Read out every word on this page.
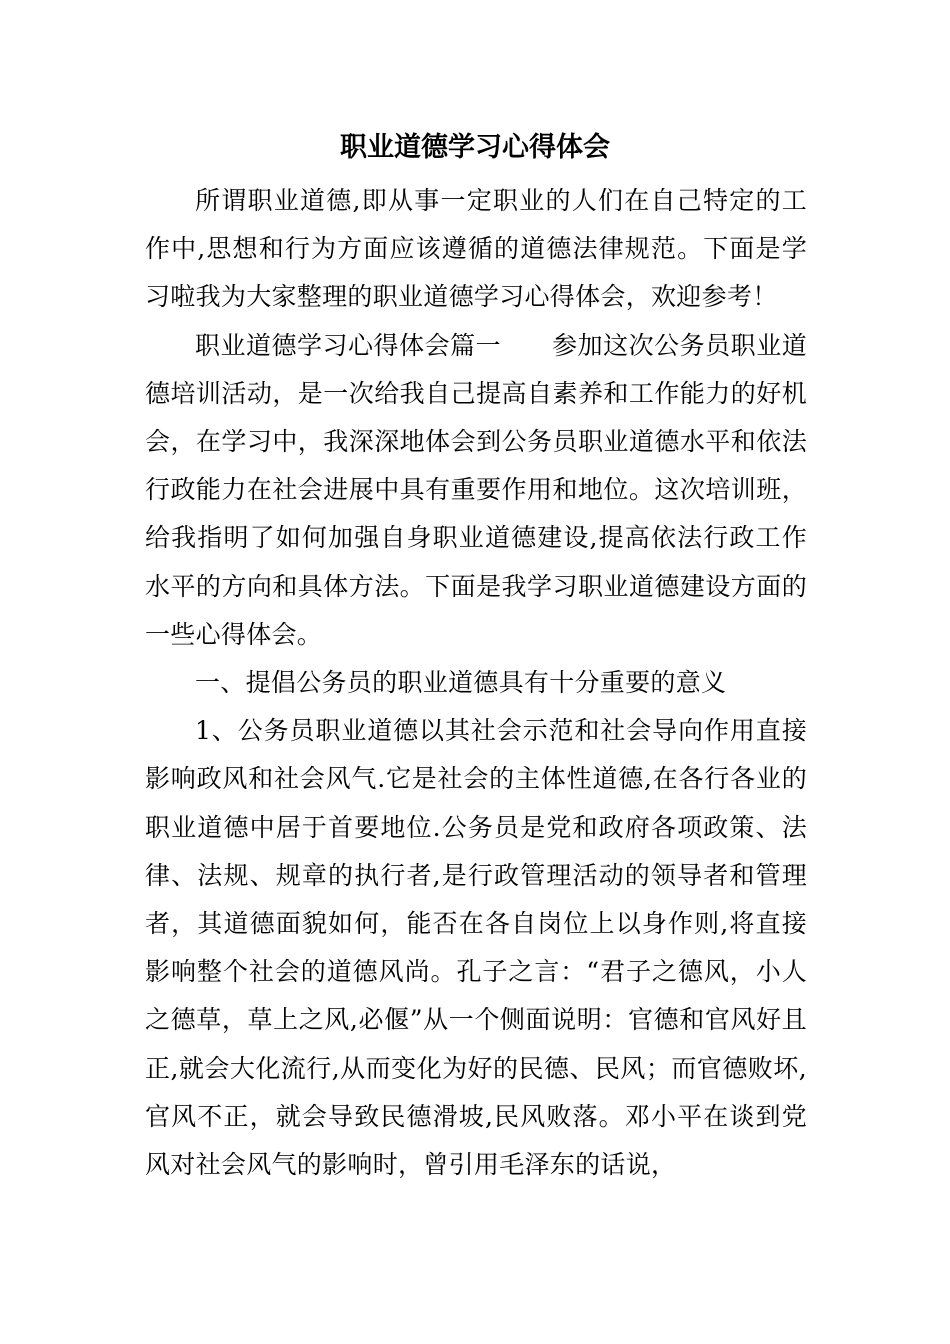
职业道德学习心得体会

所谓职业道德,即从事一定职业的人们在自己特定的工作中,思想和行为方面应该遵循的道德法律规范。下面是学习啦我为大家整理的职业道德学习心得体会，欢迎参考！

职业道德学习心得体会篇一　　参加这次公务员职业道德培训活动，是一次给我自己提高自素养和工作能力的好机会，在学习中，我深深地体会到公务员职业道德水平和依法行政能力在社会进展中具有重要作用和地位。这次培训班，给我指明了如何加强自身职业道德建设,提高依法行政工作水平的方向和具体方法。下面是我学习职业道德建设方面的一些心得体会。

一、提倡公务员的职业道德具有十分重要的意义

1、公务员职业道德以其社会示范和社会导向作用直接影响政风和社会风气.它是社会的主体性道德,在各行各业的职业道德中居于首要地位.公务员是党和政府各项政策、法律、法规、规章的执行者,是行政管理活动的领导者和管理者，其道德面貌如何，能否在各自岗位上以身作则,将直接影响整个社会的道德风尚。孔子之言：“君子之德风，小人之德草，草上之风,必偃”从一个侧面说明：官德和官风好且正,就会大化流行,从而变化为好的民德、民风；而官德败坏,官风不正，就会导致民德滑坡,民风败落。邓小平在谈到党风对社会风气的影响时，曾引用毛泽东的话说，
